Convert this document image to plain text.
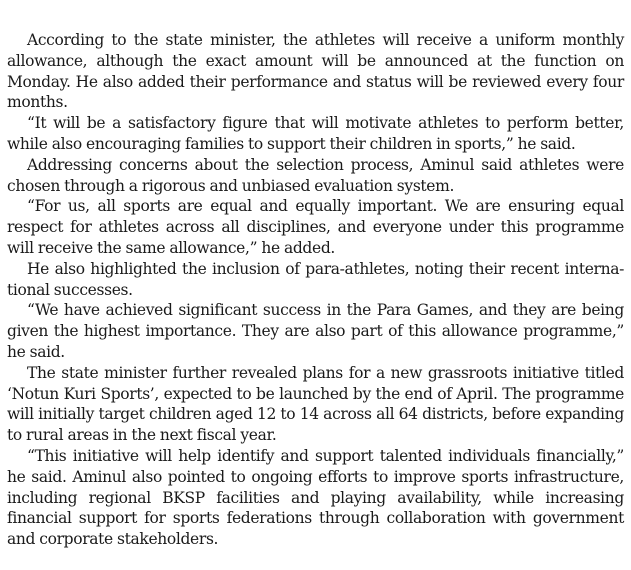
According to the state minister, the athletes will receive a uniform monthly allowance, although the exact amount will be announced at the function on Monday. He also added their performance and status will be reviewed every four months.

“It will be a satisfactory figure that will motivate athletes to perform better, while also encouraging families to support their children in sports,” he said.

Addressing concerns about the selection process, Aminul said athletes were chosen through a rigorous and unbiased evaluation system.

“For us, all sports are equal and equally important. We are ensuring equal respect for athletes across all disciplines, and everyone under this programme will receive the same allowance,” he added.

He also highlighted the inclusion of para-athletes, noting their recent interna-tional successes.

“We have achieved significant success in the Para Games, and they are being given the highest importance. They are also part of this allowance programme,” he said.

The state minister further revealed plans for a new grassroots initiative titled ‘Notun Kuri Sports’, expected to be launched by the end of April. The programme will initially target children aged 12 to 14 across all 64 districts, before expanding to rural areas in the next fiscal year.

“This initiative will help identify and support talented individuals financially,” he said. Aminul also pointed to ongoing efforts to improve sports infrastructure, including regional BKSP facilities and playing availability, while increasing financial support for sports federations through collaboration with government and corporate stakeholders.
